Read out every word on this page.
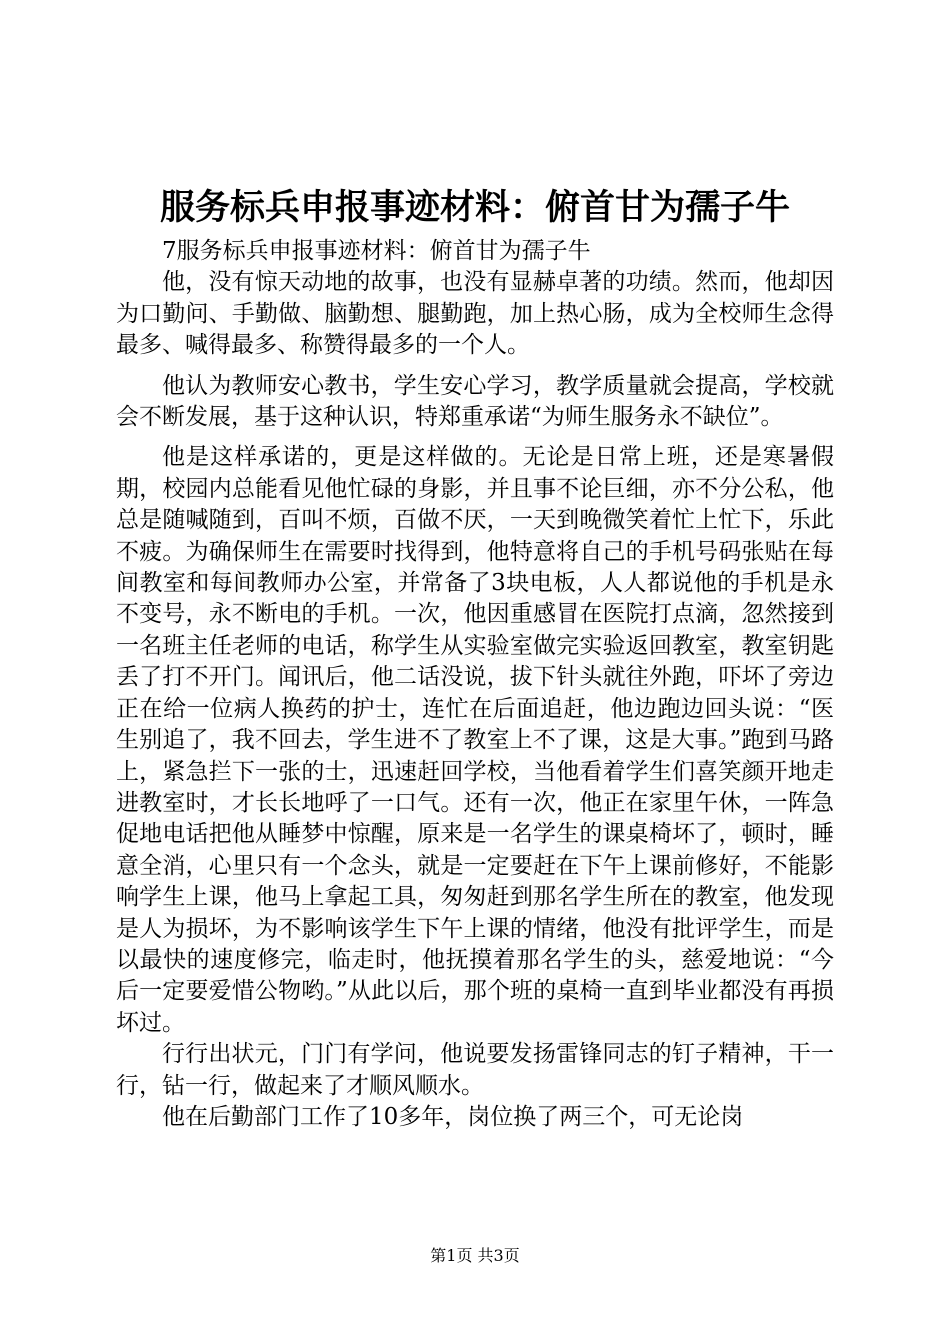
服务标兵申报事迹材料：俯首甘为孺子牛

7服务标兵申报事迹材料：俯首甘为孺子牛

他，没有惊天动地的故事，也没有显赫卓著的功绩。然而，他却因为口勤问、手勤做、脑勤想、腿勤跑，加上热心肠，成为全校师生念得最多、喊得最多、称赞得最多的一个人。

他认为教师安心教书，学生安心学习，教学质量就会提高，学校就会不断发展，基于这种认识，特郑重承诺“为师生服务永不缺位”。

他是这样承诺的，更是这样做的。无论是日常上班，还是寒暑假期，校园内总能看见他忙碌的身影，并且事不论巨细，亦不分公私，他总是随喊随到，百叫不烦，百做不厌，一天到晚微笑着忙上忙下，乐此不疲。为确保师生在需要时找得到，他特意将自己的手机号码张贴在每间教室和每间教师办公室，并常备了3块电板，人人都说他的手机是永不变号，永不断电的手机。一次，他因重感冒在医院打点滴，忽然接到一名班主任老师的电话，称学生从实验室做完实验返回教室，教室钥匙丢了打不开门。闻讯后，他二话没说，拔下针头就往外跑，吓坏了旁边正在给一位病人换药的护士，连忙在后面追赶，他边跑边回头说：“医生别追了，我不回去，学生进不了教室上不了课，这是大事。”跑到马路上，紧急拦下一张的士，迅速赶回学校，当他看着学生们喜笑颜开地走进教室时，才长长地呼了一口气。还有一次，他正在家里午休，一阵急促地电话把他从睡梦中惊醒，原来是一名学生的课桌椅坏了，顿时，睡意全消，心里只有一个念头，就是一定要赶在下午上课前修好，不能影响学生上课，他马上拿起工具，匆匆赶到那名学生所在的教室，他发现是人为损坏，为不影响该学生下午上课的情绪，他没有批评学生，而是以最快的速度修完，临走时，他抚摸着那名学生的头，慈爱地说：“今后一定要爱惜公物哟。”从此以后，那个班的桌椅一直到毕业都没有再损坏过。

行行出状元，门门有学问，他说要发扬雷锋同志的钉子精神，干一行，钻一行，做起来了才顺风顺水。

他在后勤部门工作了10多年，岗位换了两三个，可无论岗

第1页 共3页
